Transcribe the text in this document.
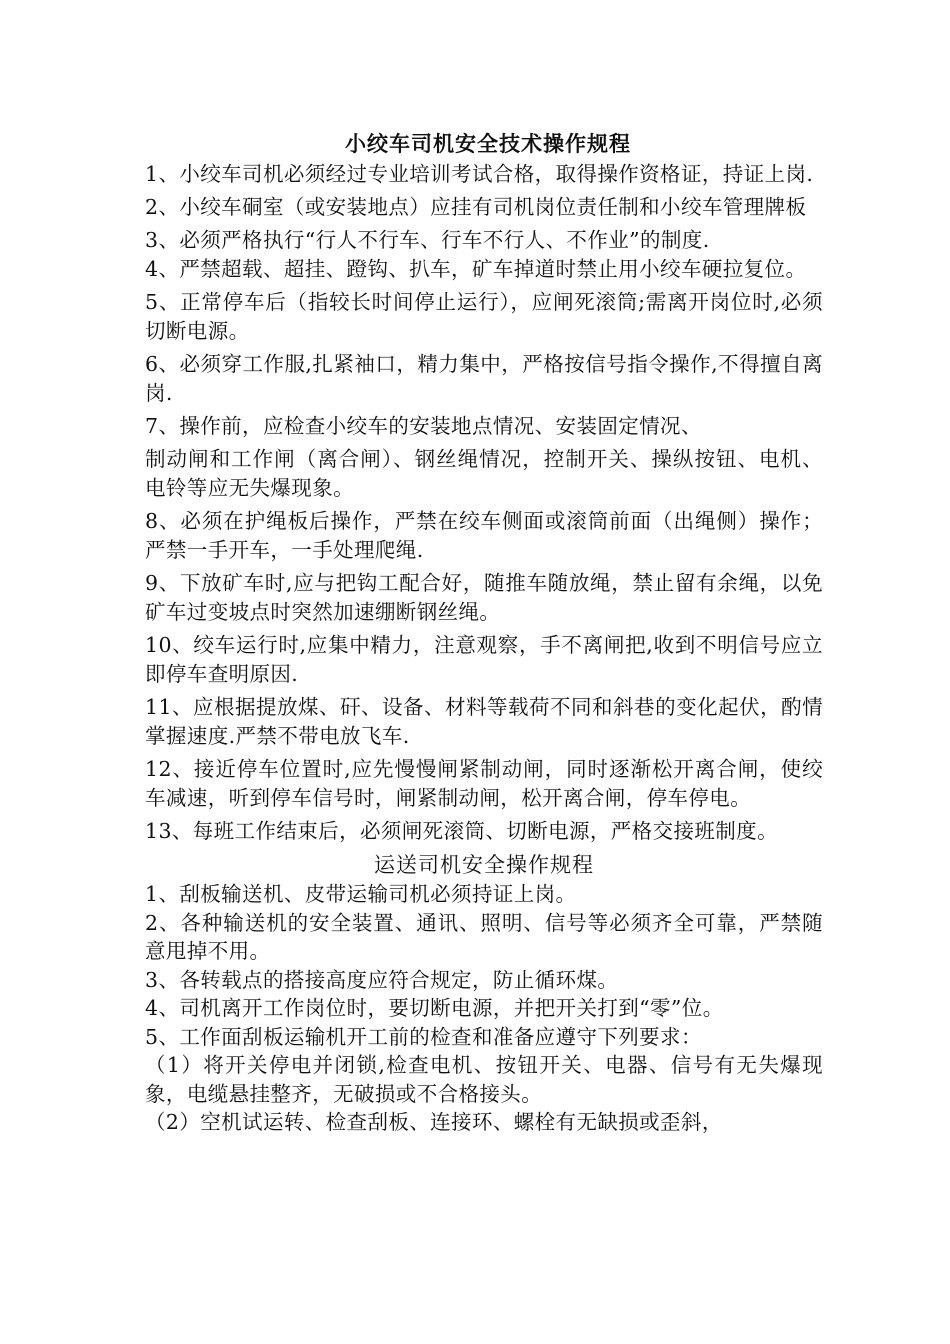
小绞车司机安全技术操作规程

1、小绞车司机必须经过专业培训考试合格，取得操作资格证，持证上岗.

2、小绞车硐室（或安装地点）应挂有司机岗位责任制和小绞车管理牌板

3、必须严格执行“行人不行车、行车不行人、不作业”的制度.

4、严禁超载、超挂、蹬钩、扒车，矿车掉道时禁止用小绞车硬拉复位。

5、正常停车后（指较长时间停止运行），应闸死滚筒;需离开岗位时,必须切断电源。

6、必须穿工作服,扎紧袖口，精力集中，严格按信号指令操作,不得擅自离岗.

7、操作前，应检查小绞车的安装地点情况、安装固定情况、

制动闸和工作闸（离合闸）、钢丝绳情况，控制开关、操纵按钮、电机、电铃等应无失爆现象。

8、必须在护绳板后操作，严禁在绞车侧面或滚筒前面（出绳侧）操作；严禁一手开车，一手处理爬绳.

9、下放矿车时,应与把钩工配合好，随推车随放绳，禁止留有余绳，以免矿车过变坡点时突然加速绷断钢丝绳。

10、绞车运行时,应集中精力，注意观察，手不离闸把,收到不明信号应立即停车查明原因.

11、应根据提放煤、矸、设备、材料等载荷不同和斜巷的变化起伏，酌情掌握速度.严禁不带电放飞车.

12、接近停车位置时,应先慢慢闸紧制动闸，同时逐渐松开离合闸，使绞车减速，听到停车信号时，闸紧制动闸，松开离合闸，停车停电。

13、每班工作结束后，必须闸死滚筒、切断电源，严格交接班制度。

运送司机安全操作规程

1、刮板输送机、皮带运输司机必须持证上岗。

2、各种输送机的安全装置、通讯、照明、信号等必须齐全可靠，严禁随意甩掉不用。

3、各转载点的搭接高度应符合规定，防止循环煤。

4、司机离开工作岗位时，要切断电源，并把开关打到“零”位。

5、工作面刮板运输机开工前的检查和准备应遵守下列要求：

（1）将开关停电并闭锁,检查电机、按钮开关、电器、信号有无失爆现象，电缆悬挂整齐，无破损或不合格接头。

（2）空机试运转、检查刮板、连接环、螺栓有无缺损或歪斜，
